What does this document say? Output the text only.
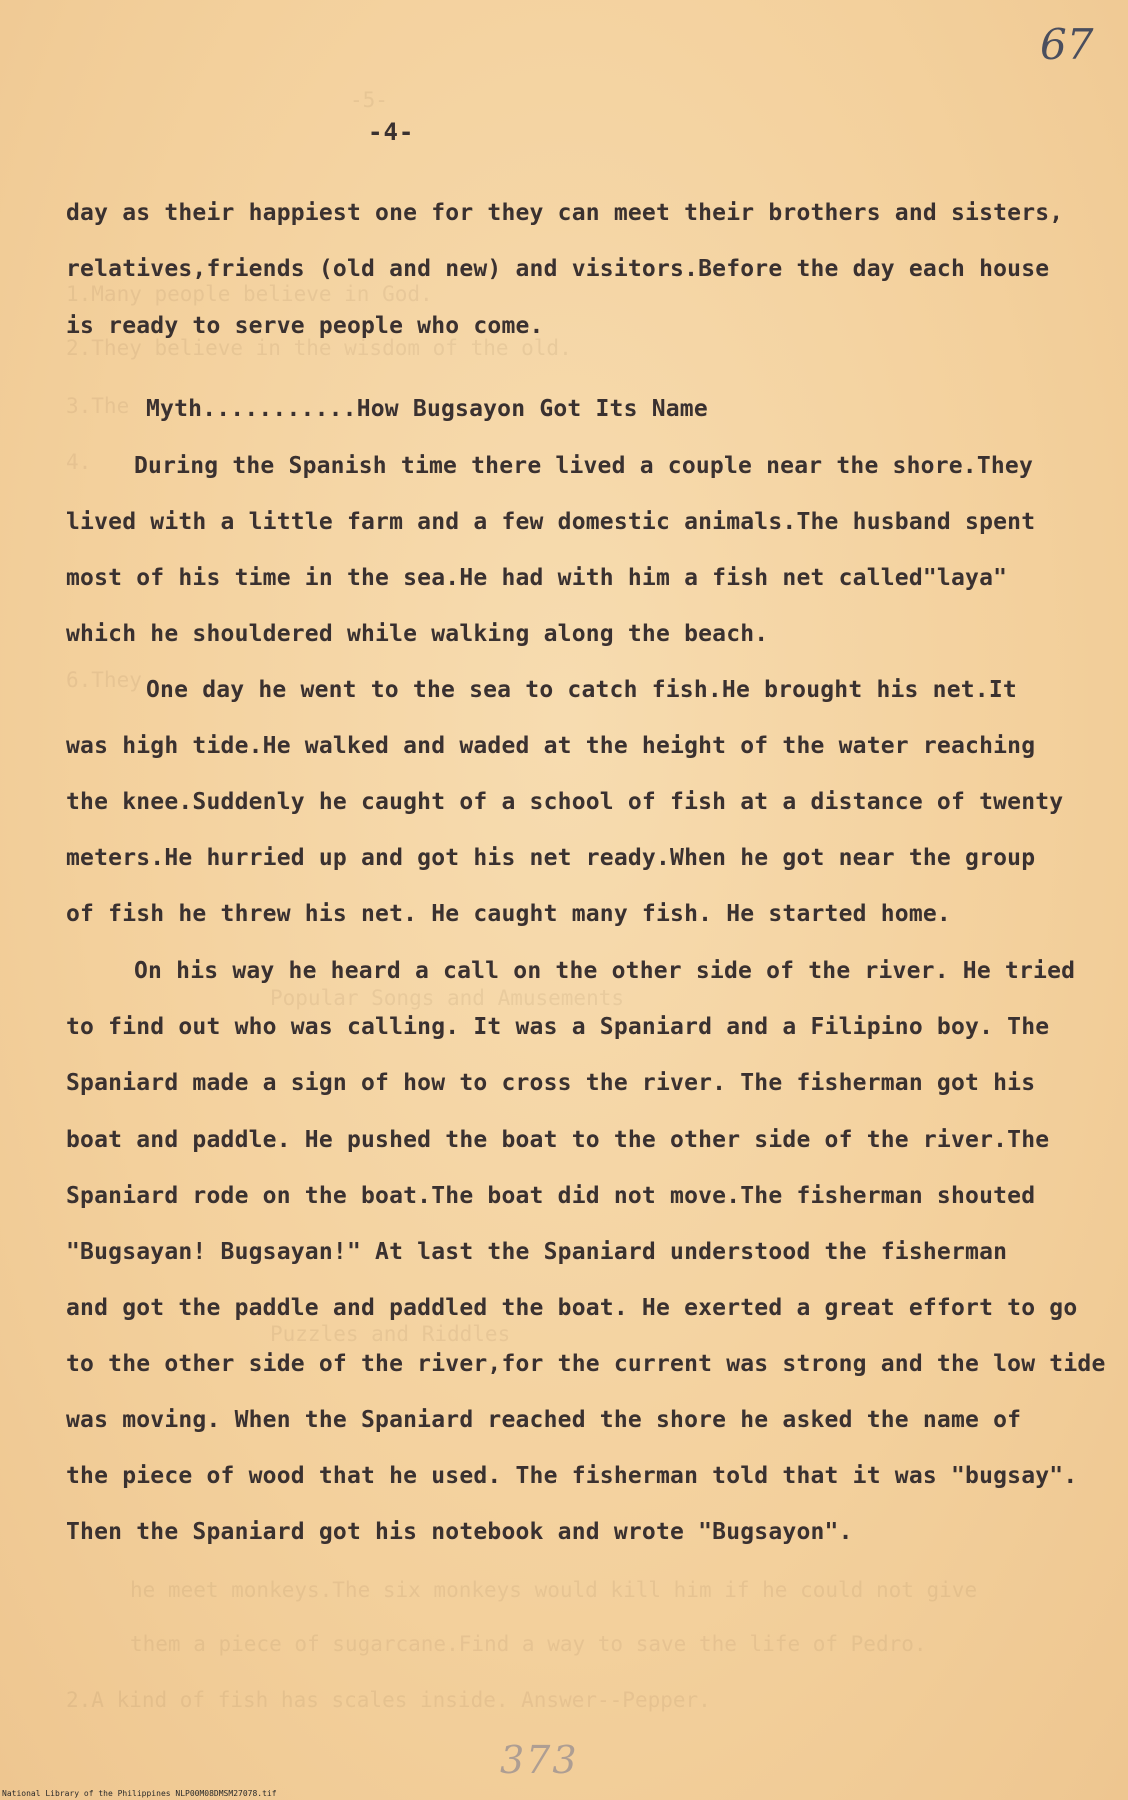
-5-
1.Many people believe in God.
2.They believe in the wisdom of the old.
3.The
4.
6.They
Popular Songs and Amusements
Puzzles and Riddles
he meet monkeys.The six monkeys would kill him if he could not give
them a piece of sugarcane.Find a way to save the life of Pedro.
2.A kind of fish has scales inside. Answer--Pepper.
67
-4-
day as their happiest one for they can meet their brothers and sisters,
relatives,friends (old and new) and visitors.Before the day each house
is ready to serve people who come.
Myth...........How Bugsayon Got Its Name
During the Spanish time there lived a couple near the shore.They
lived with a little farm and a few domestic animals.The husband spent
most of his time in the sea.He had with him a fish net called"laya"
which he shouldered while walking along the beach.
One day he went to the sea to catch fish.He brought his net.It
was high tide.He walked and waded at the height of the water reaching
the knee.Suddenly he caught of a school of fish at a distance of twenty
meters.He hurried up and got his net ready.When he got near the group
of fish he threw his net. He caught many fish. He started home.
On his way he heard a call on the other side of the river. He tried
to find out who was calling. It was a Spaniard and a Filipino boy. The
Spaniard made a sign of how to cross the river. The fisherman got his
boat and paddle. He pushed the boat to the other side of the river.The
Spaniard rode on the boat.The boat did not move.The fisherman shouted
"Bugsayan! Bugsayan!" At last the Spaniard understood the fisherman
and got the paddle and paddled the boat. He exerted a great effort to go
to the other side of the river,for the current was strong and the low tide
was moving. When the Spaniard reached the shore he asked the name of
the piece of wood that he used. The fisherman told that it was "bugsay".
Then the Spaniard got his notebook and wrote "Bugsayon".
373
National Library of the Philippines NLP00M08DMSM27078.tif
